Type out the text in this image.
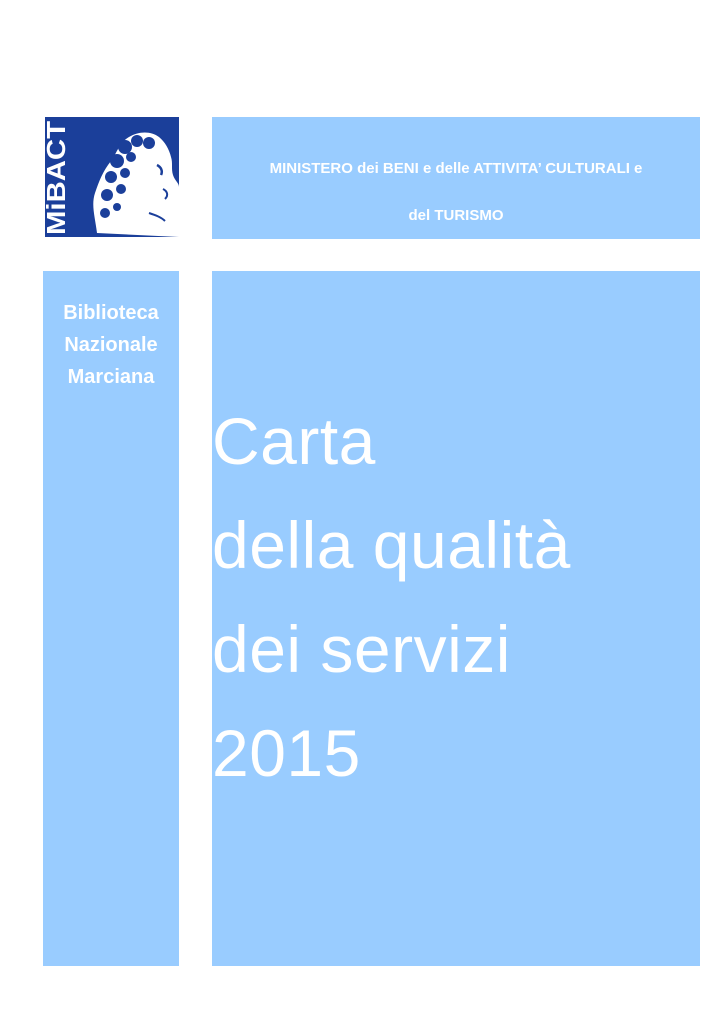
MiBACT	MINISTERO dei BENI e delle ATTIVITA’ CULTURALI e
del TURISMO
Biblioteca
Nazionale
Marciana
Carta
della qualità
dei servizi
2015
